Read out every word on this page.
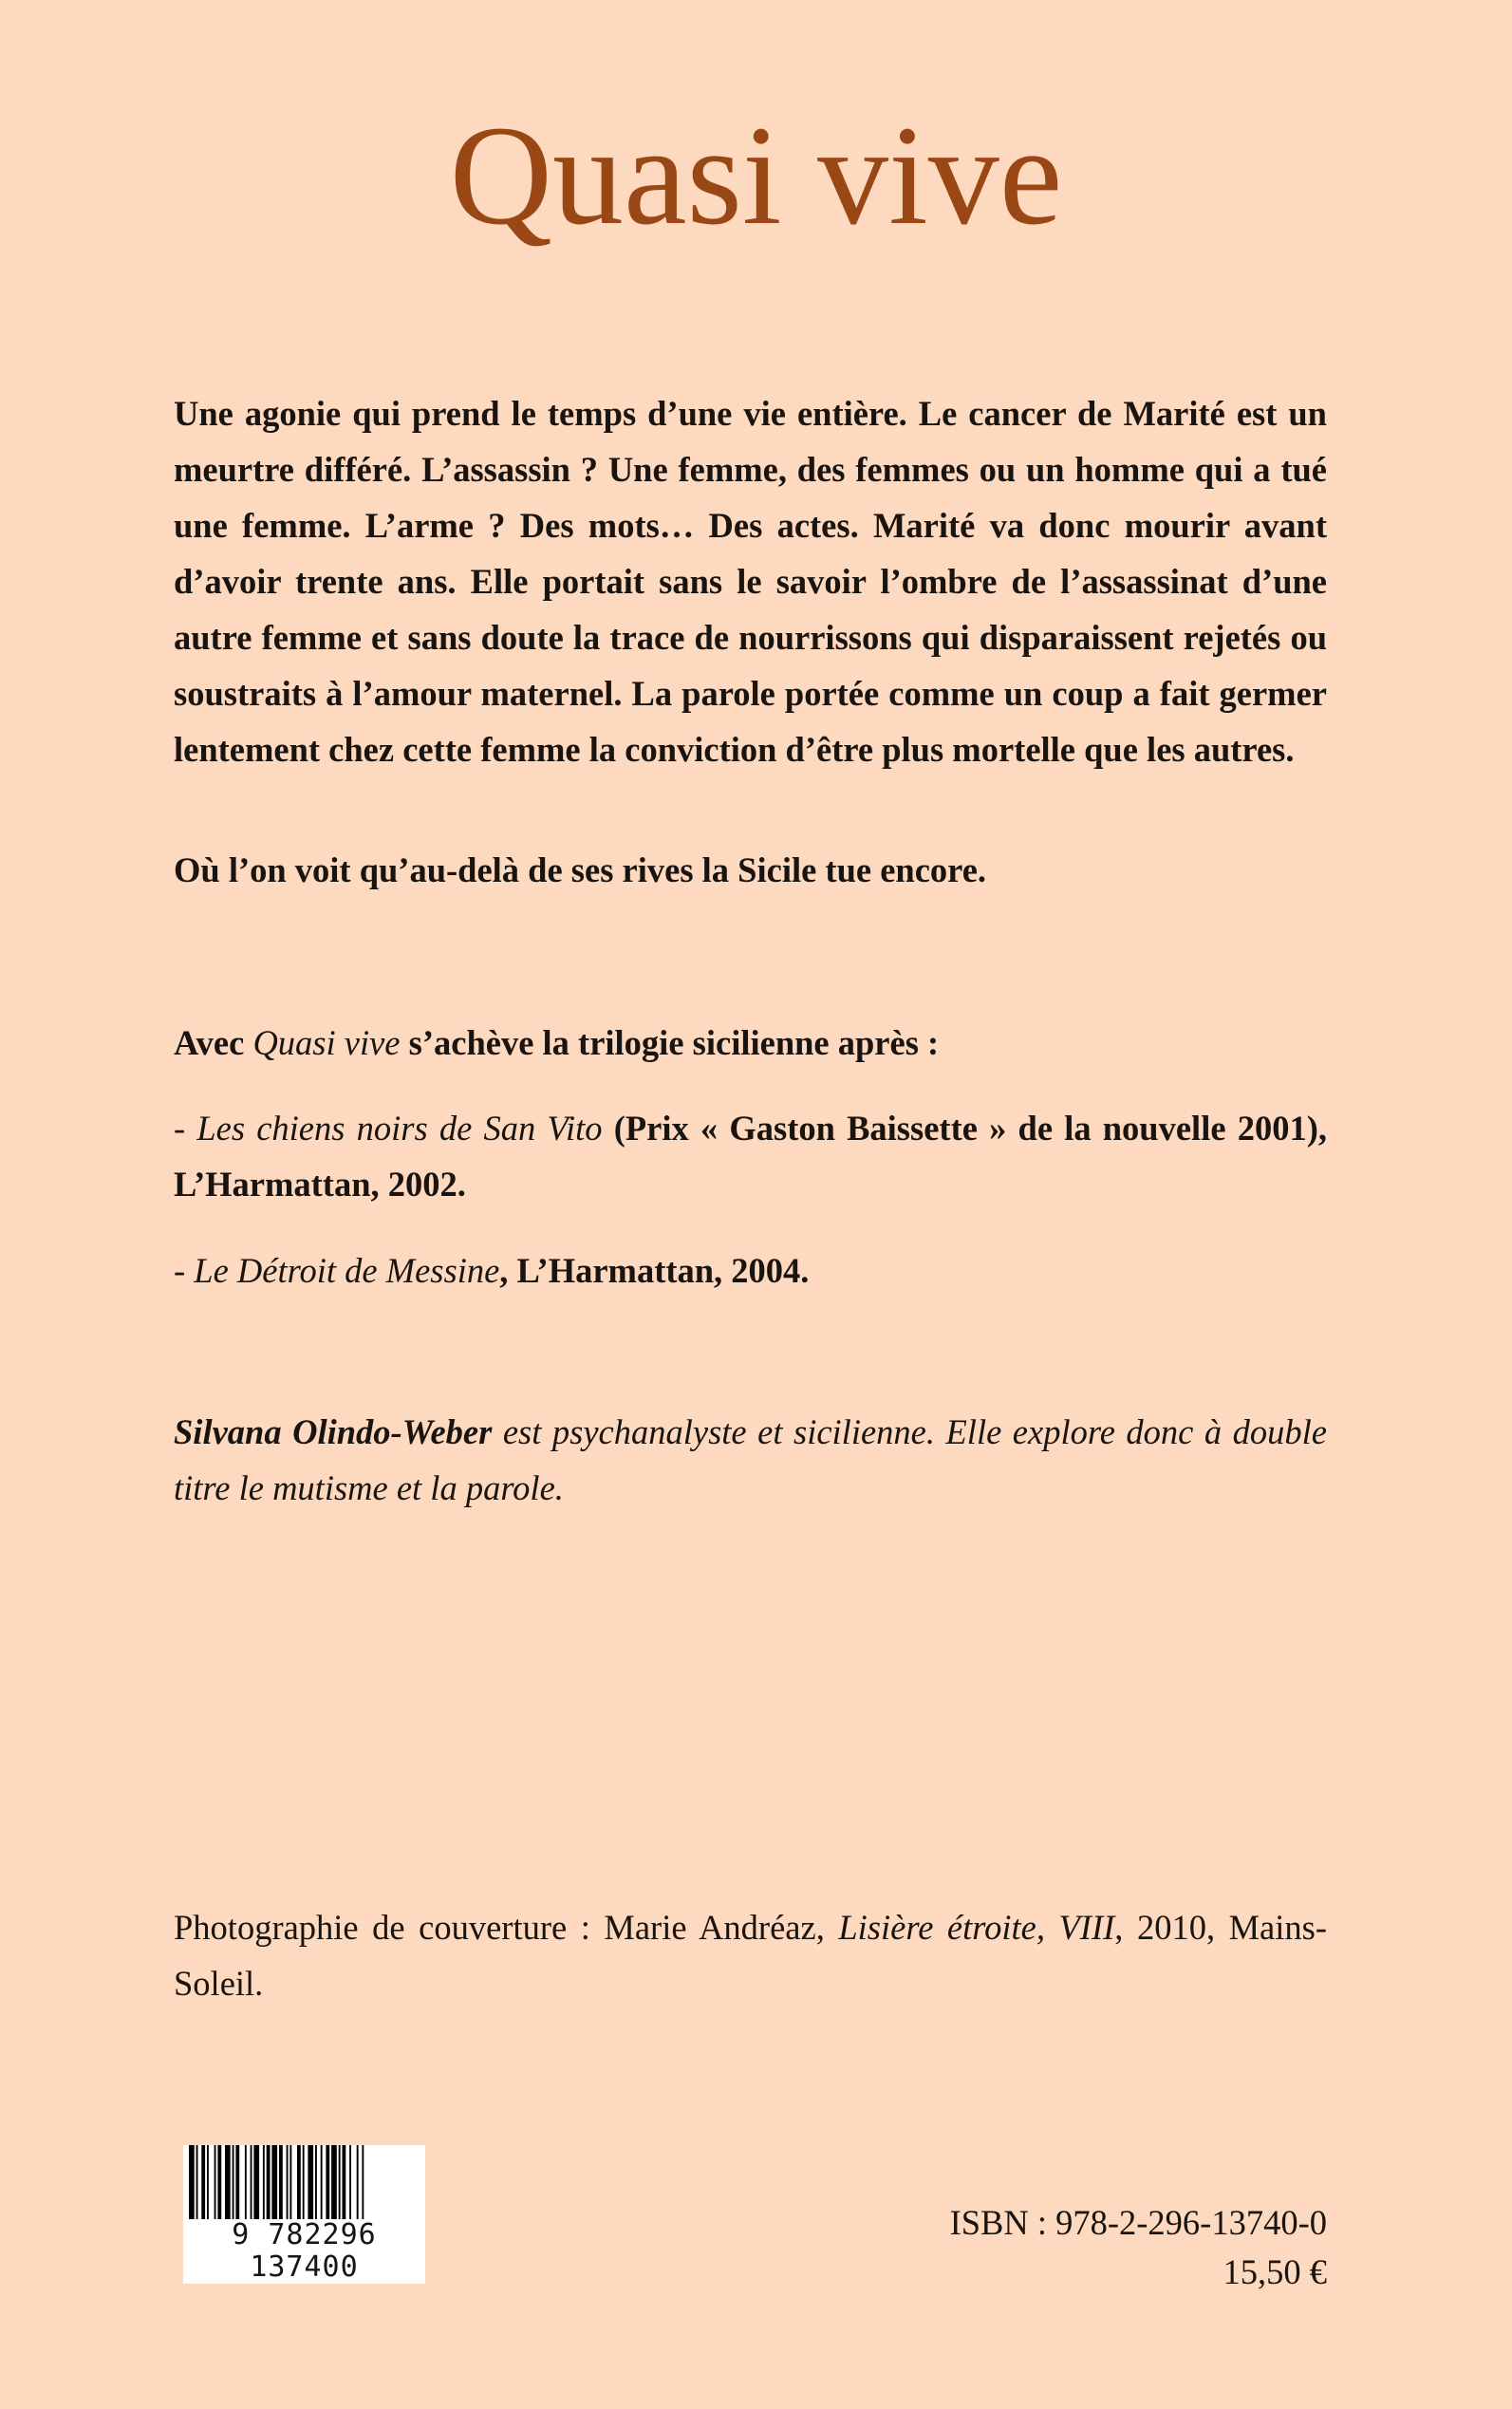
Quasi vive

Une agonie qui prend le temps d’une vie entière. Le cancer de Marité est un meurtre différé. L’assassin ? Une femme, des femmes ou un homme qui a tué une femme. L’arme ? Des mots… Des actes. Marité va donc mourir avant d’avoir trente ans. Elle portait sans le savoir l’ombre de l’assassinat d’une autre femme et sans doute la trace de nourrissons qui disparaissent rejetés ou soustraits à l’amour maternel. La parole portée comme un coup a fait germer lentement chez cette femme la conviction d’être plus mortelle que les autres.

Où l’on voit qu’au-delà de ses rives la Sicile tue encore.

Avec Quasi vive s’achève la trilogie sicilienne après :

- Les chiens noirs de San Vito (Prix « Gaston Baissette » de la nouvelle 2001), L’Harmattan, 2002.

- Le Détroit de Messine, L’Harmattan, 2004.

Silvana Olindo-Weber est psychanalyste et sicilienne. Elle explore donc à double titre le mutisme et la parole.

Photographie de couverture : Marie Andréaz, Lisière étroite, VIII, 2010, Mains-Soleil.

9 782296 137400
ISBN : 978-2-296-13740-0
15,50 €
